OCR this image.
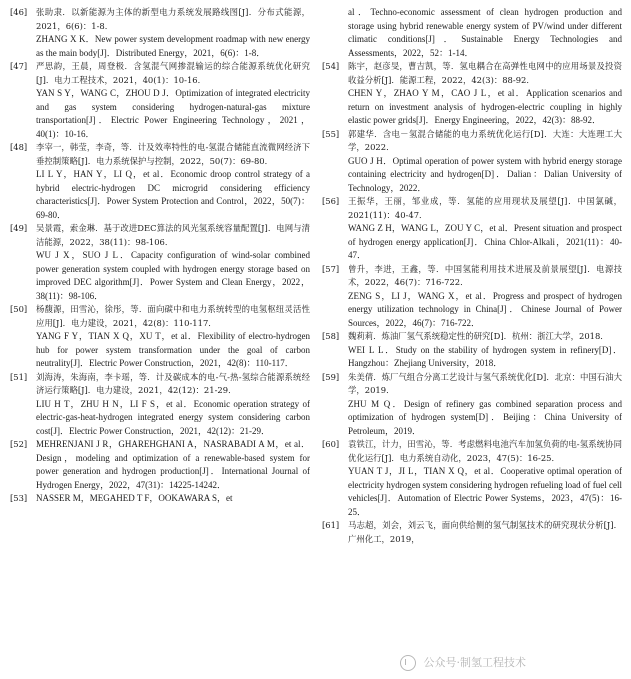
[46] 张助隶．以新能源为主体的新型电力系统发展路线图[J]．分布式能源，2021，6(6)：1-8．

ZHANG X K．New power system development roadmap with new energy as the main body[J]．Distributed Energy，2021，6(6)：1-8．

[47] 严思韵，王晨，周登极．含氢混气网掺混输运的综合能源系统优化研究[J]．电力工程技术，2021，40(1)：10-16．

YAN S Y，WANG C，ZHOU D J．Optimization of integrated electricity and gas system considering hydrogen-natural-gas mixture transportation[J]．Electric Power Engineering Technology，2021，40(1)：10-16．

[48] 李宰一，韩莹，李奇，等．计及效率特性的电-氢混合储能直流微网经济下垂控制策略[J]．电力系统保护与控制，2022，50(7)：69-80．

LI L Y，HAN Y，LI Q，et al．Economic droop control strategy of a hybrid electric-hydrogen DC microgrid considering efficiency characteristics[J]．Power System Protection and Control，2022，50(7)：69-80．

[49] 吴景霞，索金琳．基于改进DEC算法的风光氢系统容量配置[J]．电网与清洁能源，2022，38(11)：98-106．

WU J X，SUO J L．Capacity configuration of wind-solar combined power generation system coupled with hydrogen energy storage based on improved DEC algorithm[J]．Power System and Clean Energy，2022，38(11)：98-106．

[50] 杨馥源，田雪沁，徐彤，等．面向碳中和电力系统转型的电氢枢纽灵活性应用[J]．电力建设，2021，42(8)：110-117．

YANG F Y，TIAN X Q，XU T，et al．Flexibility of electro-hydrogen hub for power system transformation under the goal of carbon neutrality[J]．Electric Power Construction，2021，42(8)：110-117．

[51] 刘海涛，朱海南，李卡瑶，等．计及碳成本的电-气-热-氢综合能源系统经济运行策略[J]．电力建设，2021，42(12)：21-29．

LIU H T，ZHU H N，LI F S，et al．Economic operation strategy of electric-gas-heat-hydrogen integrated energy system considering carbon cost[J]．Electric Power Construction，2021，42(12)：21-29．

[52] MEHRENJANI J R，GHAREHGHANI A，NASRABADI A M，et al．Design，modeling and optimization of a renewable-based system for power generation and hydrogen production[J]．International Journal of Hydrogen Energy，2022，47(31)：14225-14242．

[53] NASSER M，MEGAHED T F，OOKAWARA S，et

al．Techno-economic assessment of clean hydrogen production and storage using hybrid renewable energy system of PV/wind under different climatic conditions[J]．Sustainable Energy Technologies and Assessments，2022，52：1-14．

[54] 陈宇，赵彦旻，曹吉凯，等．氢电耦合在高弹性电网中的应用场景及投资收益分析[J]．能源工程，2022，42(3)：88-92．

CHEN Y，ZHAO Y M，CAO J L，et al．Application scenarios and return on investment analysis of hydrogen-electric coupling in highly elastic power grids[J]．Energy Engineering，2022，42(3)：88-92．

[55] 郭建华．含电－氢混合储能的电力系统优化运行[D]．大连：大连理工大学，2022．

GUO J H．Optimal operation of power system with hybrid energy storage containing electricity and hydrogen[D]．Dalian：Dalian University of Technology，2022．

[56] 王振华，王丽，邹业成，等．氢能的应用现状及展望[J]．中国氯碱，2021(11)：40-47．

WANG Z H，WANG L，ZOU Y C，et al．Present situation and prospect of hydrogen energy application[J]．China Chlor-Alkali，2021(11)：40-47．

[57] 曾升，李进，王鑫，等．中国氢能利用技术进展及前景展望[J]．电源技术，2022，46(7)：716-722．

ZENG S，LI J，WANG X，et al．Progress and prospect of hydrogen energy utilization technology in China[J]．Chinese Journal of Power Sources，2022，46(7)：716-722．

[58] 魏莉莉．炼油厂氢气系统稳定性的研究[D]．杭州：浙江大学，2018．

WEI L L．Study on the stability of hydrogen system in refinery[D]．Hangzhou：Zhejiang University，2018．

[59] 朱美倩．炼厂气组合分离工艺设计与氢气系统优化[D]．北京：中国石油大学，2019．

ZHU M Q．Design of refinery gas combined separation process and optimization of hydrogen system[D]．Beijing：China University of Petroleum，2019．

[60] 袁铁江，计力，田雪沁，等．考虑燃料电池汽车加氢负荷的电-氢系统协同优化运行[J]．电力系统自动化，2023，47(5)：16-25．

YUAN T J，JI L，TIAN X Q，et al．Cooperative optimal operation of electricity hydrogen system considering hydrogen refueling load of fuel cell vehicles[J]．Automation of Electric Power Systems，2023，47(5)：16-25．

[61] 马志超，刘会，刘云飞，面向供给侧的氢气制氢技术的研究现状分析[J]．广州化工，2019，

公众号·制氢工程技术
